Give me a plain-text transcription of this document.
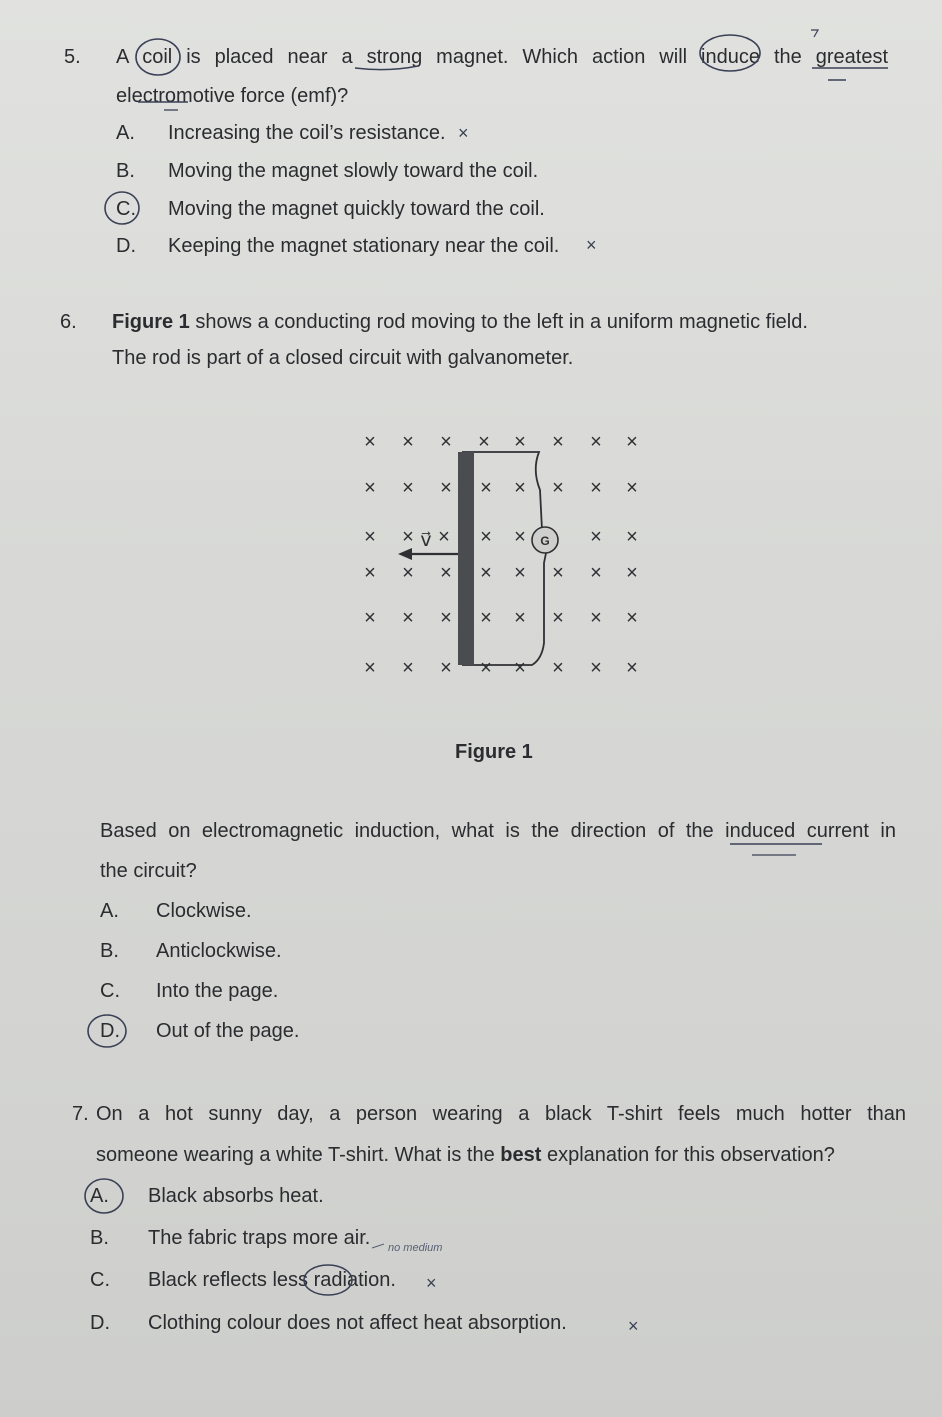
5. A coil is placed near a strong magnet. Which action will induce the greatest
electromotive force (emf)?
A. Increasing the coil’s resistance.
B. Moving the magnet slowly toward the coil.
C. Moving the magnet quickly toward the coil.
D. Keeping the magnet stationary near the coil.
×
×
6. Figure 1 shows a conducting rod moving to the left in a uniform magnetic field.
The rod is part of a closed circuit with galvanometer.
× × × × × × × ×
× × × × × × × ×
× × × × ×	× ×
× × × × × × × ×
× × × × × × × ×
× × × × × × × ×
G
v⃗
Figure 1
Based on electromagnetic induction, what is the direction of the induced current in
the circuit?
A. Clockwise.
B. Anticlockwise.
C. Into the page.
D. Out of the page.
7. On a hot sunny day, a person wearing a black T-shirt feels much hotter than
someone wearing a white T-shirt. What is the best explanation for this observation?
A. Black absorbs heat.
B. The fabric traps more air.
C. Black reflects less radiation.
D. Clothing colour does not affect heat absorption.
×
×
no medium
